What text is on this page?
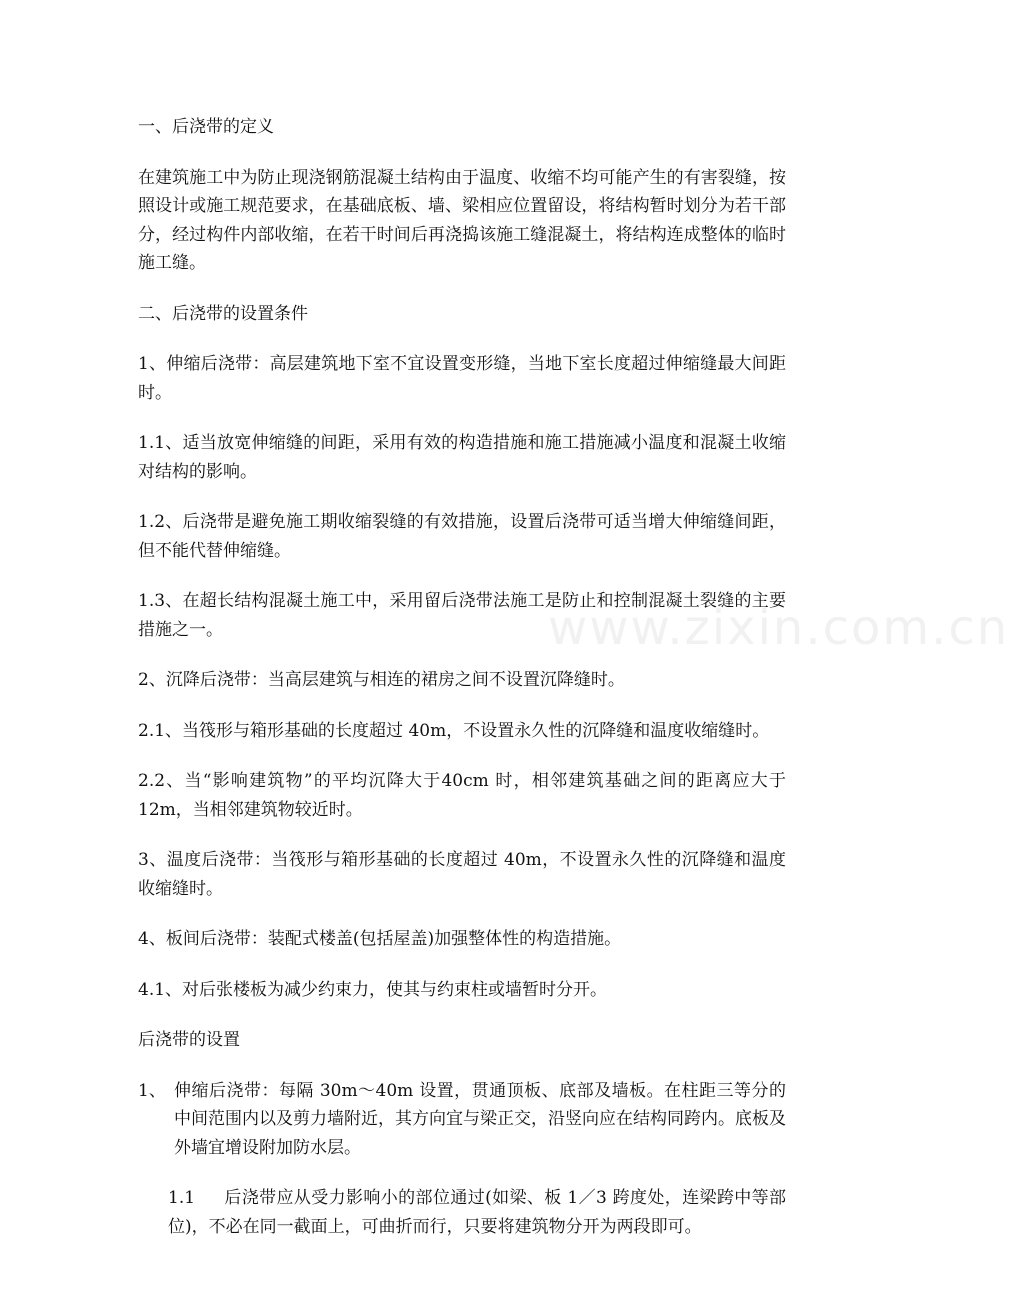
一、后浇带的定义

在建筑施工中为防止现浇钢筋混凝土结构由于温度、收缩不均可能产生的有害裂缝，按照设计或施工规范要求，在基础底板、墙、梁相应位置留设，将结构暂时划分为若干部分，经过构件内部收缩，在若干时间后再浇捣该施工缝混凝土，将结构连成整体的临时施工缝。

二、后浇带的设置条件

1、伸缩后浇带：高层建筑地下室不宜设置变形缝，当地下室长度超过伸缩缝最大间距时。

1.1、适当放宽伸缩缝的间距，采用有效的构造措施和施工措施减小温度和混凝土收缩对结构的影响。

1.2、后浇带是避免施工期收缩裂缝的有效措施，设置后浇带可适当增大伸缩缝间距，但不能代替伸缩缝。

1.3、在超长结构混凝土施工中，采用留后浇带法施工是防止和控制混凝土裂缝的主要措施之一。

2、沉降后浇带：当高层建筑与相连的裙房之间不设置沉降缝时。

2.1、当筏形与箱形基础的长度超过 40m，不设置永久性的沉降缝和温度收缩缝时。

2.2、当“影响建筑物”的平均沉降大于40cm 时，相邻建筑基础之间的距离应大于 12m，当相邻建筑物较近时。

3、温度后浇带：当筏形与箱形基础的长度超过 40m，不设置永久性的沉降缝和温度收缩缝时。

4、板间后浇带：装配式楼盖(包括屋盖)加强整体性的构造措施。

4.1、对后张楼板为减少约束力，使其与约束柱或墙暂时分开。

后浇带的设置

1、 伸缩后浇带：每隔 30m～40m 设置，贯通顶板、底部及墙板。在柱距三等分的中间范围内以及剪力墙附近，其方向宜与梁正交，沿竖向应在结构同跨内。底板及外墙宜增设附加防水层。
1.1 后浇带应从受力影响小的部位通过(如梁、板 1／3 跨度处，连梁跨中等部位)，不必在同一截面上，可曲折而行，只要将建筑物分开为两段即可。
www.zixin.com.cn
